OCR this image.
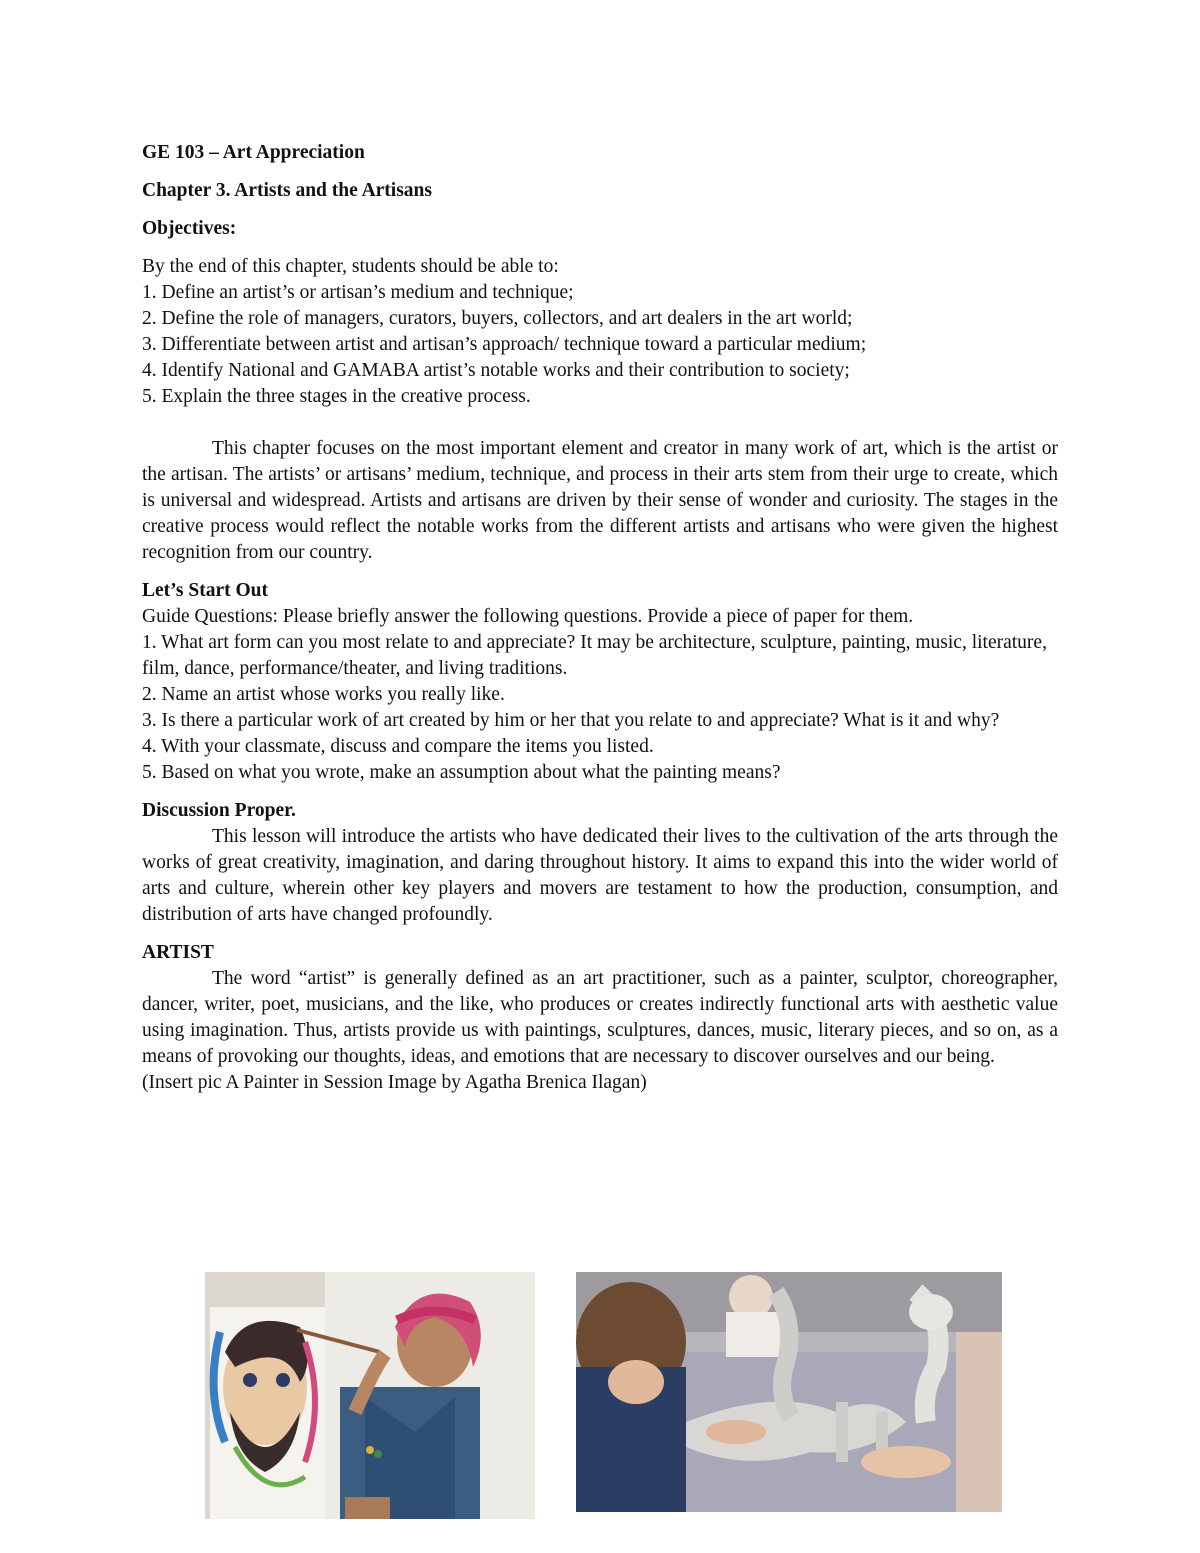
GE 103 – Art Appreciation
Chapter 3. Artists and the Artisans
Objectives:
By the end of this chapter, students should be able to:
1. Define an artist’s or artisan’s medium and technique;
2. Define the role of managers, curators, buyers, collectors, and art dealers in the art world;
3. Differentiate between artist and artisan’s approach/ technique toward a particular medium;
4. Identify National and GAMABA artist’s notable works and their contribution to society;
5. Explain the three stages in the creative process.

This chapter focuses on the most important element and creator in many work of art, which is the artist or the artisan. The artists’ or artisans’ medium, technique, and process in their arts stem from their urge to create, which is universal and widespread. Artists and artisans are driven by their sense of wonder and curiosity. The stages in the creative process would reflect the notable works from the different artists and artisans who were given the highest recognition from our country.

Let’s Start Out

Guide Questions: Please briefly answer the following questions. Provide a piece of paper for them.

1. What art form can you most relate to and appreciate? It may be architecture, sculpture, painting, music, literature, film, dance, performance/theater, and living traditions.

2. Name an artist whose works you really like.

3. Is there a particular work of art created by him or her that you relate to and appreciate? What is it and why?

4. With your classmate, discuss and compare the items you listed.

5. Based on what you wrote, make an assumption about what the painting means?

Discussion Proper.

This lesson will introduce the artists who have dedicated their lives to the cultivation of the arts through the works of great creativity, imagination, and daring throughout history. It aims to expand this into the wider world of arts and culture, wherein other key players and movers are testament to how the production, consumption, and distribution of arts have changed profoundly.

ARTIST

The word “artist” is generally defined as an art practitioner, such as a painter, sculptor, choreographer, dancer, writer, poet, musicians, and the like, who produces or creates indirectly functional arts with aesthetic value using imagination. Thus, artists provide us with paintings, sculptures, dances, music, literary pieces, and so on, as a means of provoking our thoughts, ideas, and emotions that are necessary to discover ourselves and our being.

(Insert pic A Painter in Session Image by Agatha Brenica Ilagan)
